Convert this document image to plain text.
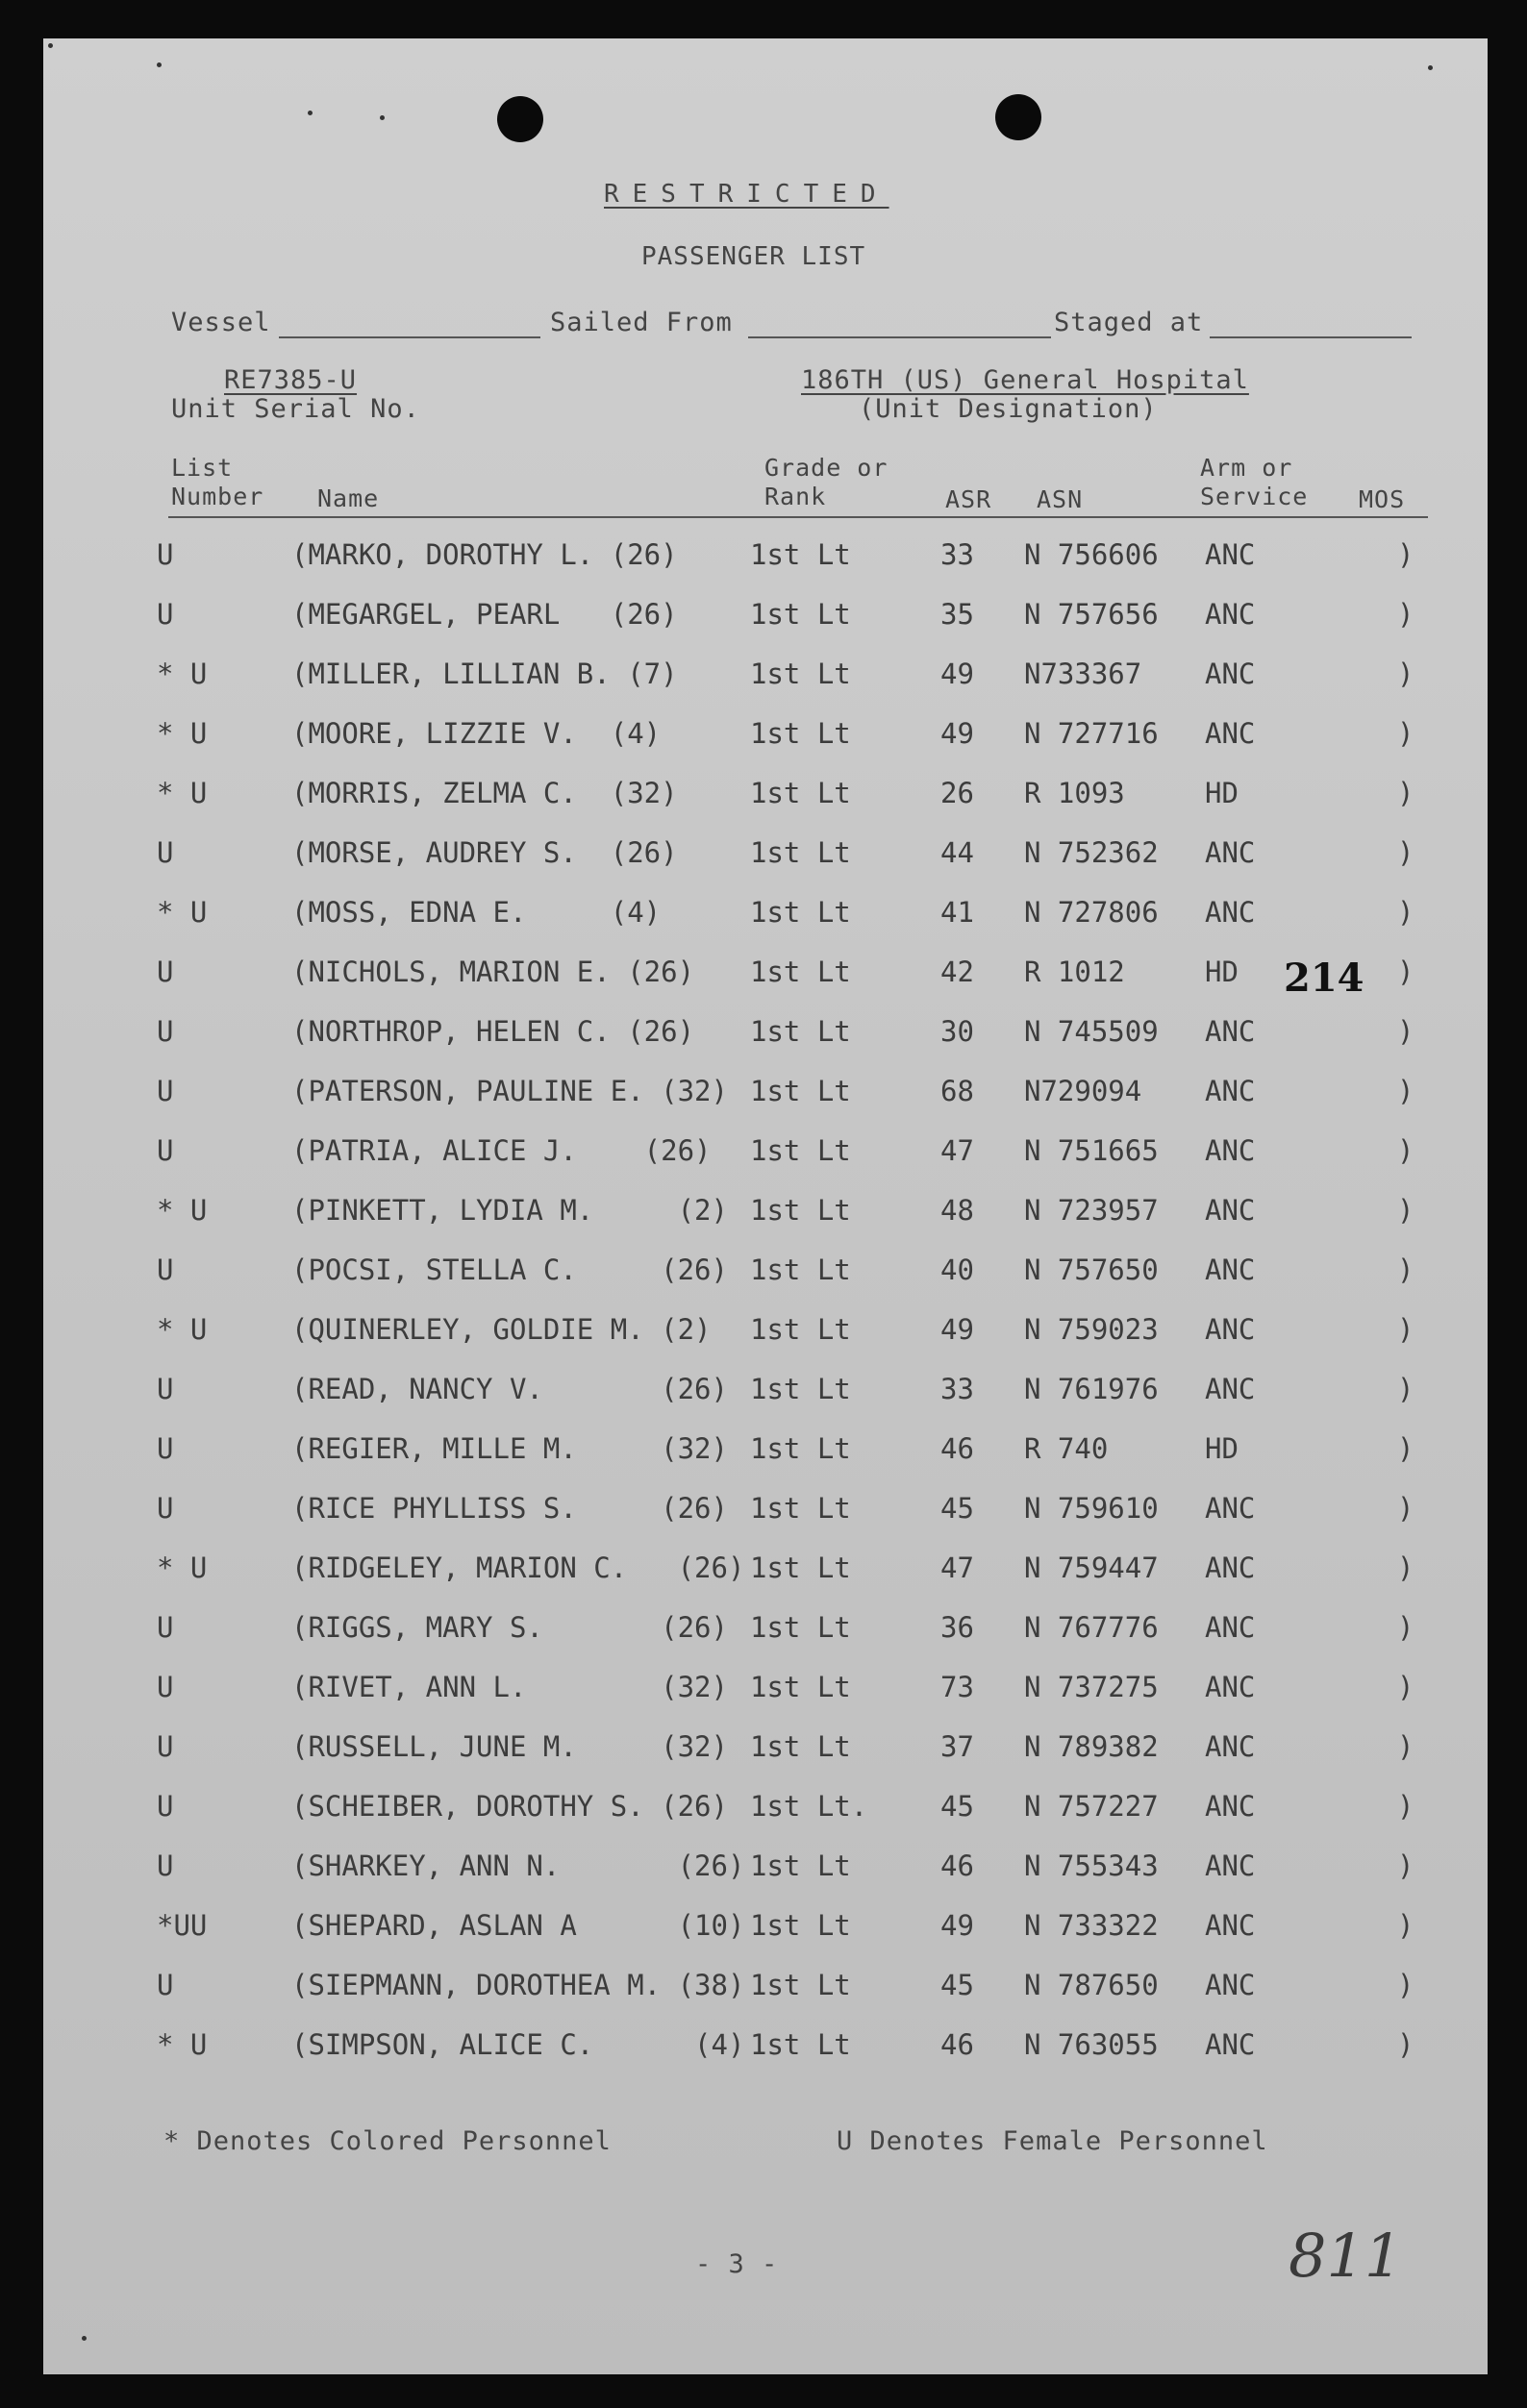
RESTRICTED
PASSENGER LIST
Vessel	Sailed From	Staged at
RE7385-U
Unit Serial No.
186TH (US) General Hospital
(Unit Designation)
List
Number Name
Grade or
Rank	ASR ASN
Arm or
Service MOS
U	(MARKO, DOROTHY L. (26)	1st Lt	33 N 756606 ANC	)
U	(MEGARGEL, PEARL   (26)	1st Lt	35 N 757656 ANC	)
* U	(MILLER, LILLIAN B. (7)	1st Lt	49 N733367 ANC	)
* U	(MOORE, LIZZIE V.  (4)	1st Lt	49 N 727716 ANC	)
* U	(MORRIS, ZELMA C.  (32)	1st Lt	26 R 1093	HD	)
U	(MORSE, AUDREY S.  (26)	1st Lt	44 N 752362 ANC	)
* U	(MOSS, EDNA E.     (4)	1st Lt	41 N 727806 ANC	)
U	(NICHOLS, MARION E. (26) 1st Lt	42 R 1012	HD	)
214
U	(NORTHROP, HELEN C. (26) 1st Lt	30 N 745509 ANC	)
U	(PATERSON, PAULINE E. (32) 1st Lt	68 N729094 ANC	)
U	(PATRIA, ALICE J.    (26) 1st Lt	47 N 751665 ANC	)
* U	(PINKETT, LYDIA M.     (2) 1st Lt	48 N 723957 ANC	)
U	(POCSI, STELLA C.     (26) 1st Lt	40 N 757650 ANC	)
* U	(QUINERLEY, GOLDIE M. (2) 1st Lt	49 N 759023 ANC	)
U	(READ, NANCY V.       (26) 1st Lt	33 N 761976 ANC	)
U	(REGIER, MILLE M.     (32) 1st Lt	46 R 740	HD	)
U	(RICE PHYLLISS S.     (26) 1st Lt	45 N 759610 ANC	)
* U	(RIDGELEY, MARION C.   (26) 1st Lt	47 N 759447 ANC	)
U	(RIGGS, MARY S.       (26) 1st Lt	36 N 767776 ANC	)
U	(RIVET, ANN L.        (32) 1st Lt	73 N 737275 ANC	)
U	(RUSSELL, JUNE M.     (32) 1st Lt	37 N 789382 ANC	)
U	(SCHEIBER, DOROTHY S. (26) 1st Lt.	45 N 757227 ANC	)
U	(SHARKEY, ANN N.       (26) 1st Lt	46 N 755343 ANC	)
*UU	(SHEPARD, ASLAN A      (10) 1st Lt	49 N 733322 ANC	)
U	(SIEPMANN, DOROTHEA M. (38) 1st Lt	45 N 787650 ANC	)
* U	(SIMPSON, ALICE C.      (4) 1st Lt	46 N 763055 ANC	)
* Denotes Colored Personnel	U Denotes Female Personnel
- 3 -	811
